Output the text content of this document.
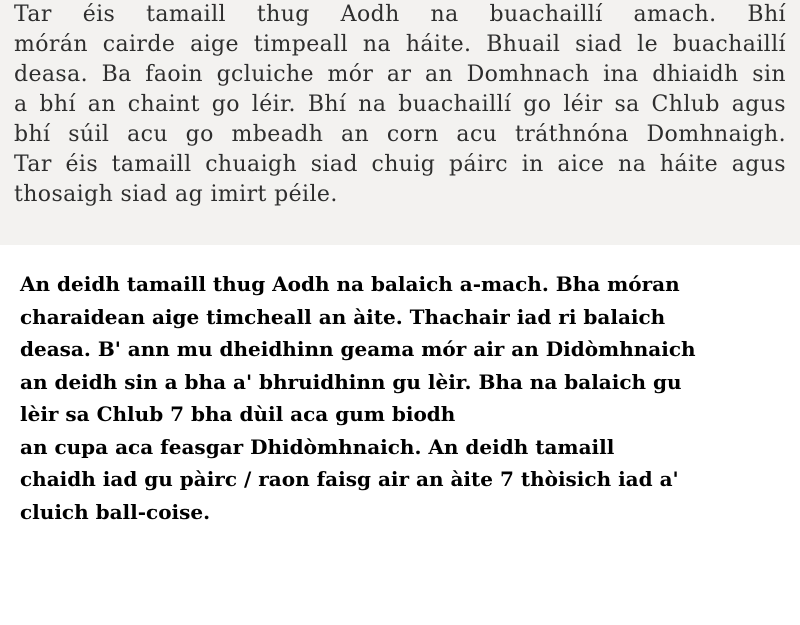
Tar éis tamaill thug Aodh na buachaillí amach. Bhí
mórán cairde aige timpeall na háite. Bhuail siad le buachaillí
deasa. Ba faoin gcluiche mór ar an Domhnach ina dhiaidh sin
a bhí an chaint go léir. Bhí na buachaillí go léir sa Chlub agus
bhí súil acu go mbeadh an corn acu tráthnóna Domhnaigh.
Tar éis tamaill chuaigh siad chuig páirc in aice na háite agus
thosaigh siad ag imirt péile.
An deidh tamaill thug Aodh na balaich a-mach. Bha móran
charaidean aige timcheall an àite. Thachair iad ri balaich
deasa. B' ann mu dheidhinn geama mór air an Didòmhnaich
an deidh sin a bha a' bhruidhinn gu lèir. Bha na balaich gu
lèir sa Chlub 7 bha dùil aca gum biodh
an cupa aca feasgar Dhidòmhnaich. An deidh tamaill
chaidh iad gu pàirc / raon faisg air an àite 7 thòisich iad a'
cluich ball-coise.
